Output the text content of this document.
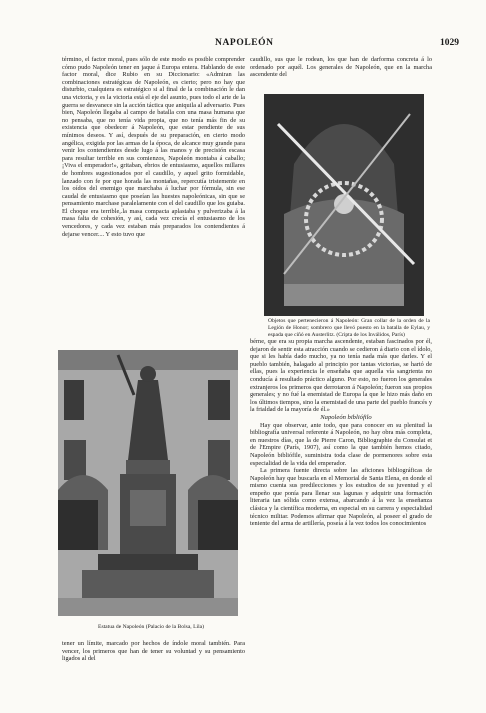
NAPOLEÓN	1029

término, el factor moral, pues sólo de este modo es posible comprender cómo pudo Napoleón tener en jaque á Europa entera. Hablando de este factor moral, dice Rubio en su Diccionario: «Admiran las combinaciones estratégicas de Napoleón, es cierto; pero no hay que disturbio, cualquiera es estratégico si al final de la combinación le dan una victoria, y es la victoria está el eje del asunto, pues todo el arte de la guerra se desvanece sin la acción táctica que aniquila al adversario. Pues bien, Napoleón llegaba al campo de batalla con una masa humana que no pensaba, que no tenía vida propia, que no tenía más fin de su existencia que obedecer á Napoleón, que estar pendiente de sus mínimos deseos. Y así, después de su preparación, en cierto modo angélica, exigida por las armas de la época, de alcance muy grande para venir los contendientes desde lugo á las manos y de precisión escasa para resultar terrible en sus comienzos, Napoleón montaba á caballo; ¡Viva el emperador!», gritaban, ebrios de entusiasmo, aquellos millares de hombres sugestionados por el caudillo, y aquel grito formidable, lanzado con fe por que horada las montañas, repercutía tristemente en los oídos del enemigo que marchaba á luchar por fórmula, sin ese caudal de entusiasmo que poseían las huestes napoleónicas, sin que se pensamiento marchase paralelamente con el del caudillo que los guiaba. El choque era terrible,.la masa compacta aplastaba y pulverizaba á la masa falta de cohesión, y así, cada vez crecía el entusiasmo de los vencedores, y cada vez estaban más preparados los contendientes á dejarse vencer.... Y esto tuvo que

caudillo, sus que le rodean, los que han de darforma concreta á lo ordenado por aquél. Los generales de Napoleón, que en la marcha ascendente del

Objetos que pertenecieron á Napoleón: Gran collar de la orden de la Legión de Honor; sombrero que llevó puesto en la batalla de Eylau, y espada que ciñó en Austerlitz. (Cripta de los Inválidos, París)
Estatua de Napoleón (Palacio de la Bolsa, Lila)

bérne, que era su propia marcha ascendente, estaban fascinados por él, dejaron de sentir esta atracción cuando se cedieron á diario con el ídolo, que si les había dado mucho, ya no tenía nada más que darles. Y el pueblo también, halagado al principio por tantas victorias, se hartó de ellas, pues la experiencia le enseñaba que aquella vía sangrienta no conducía á resultado práctico alguno. Por esto, no fueron los generales extranjeros los primeros que derrotaron á Napoleón; fueron sus propios generales; y no fué la enemistad de Europa la que le hizo más daño en los últimos tiempos, sino la enemistad de una parte del pueblo francés y la frialdad de la mayoría de él.»

Napoleón bibliófilo

Hay que observar, ante todo, que para conocer en su plenitud la bibliografía universal referente á Napoleón, no hay obra más completa, en nuestros días, que la de Pierre Caron, Bibliographie du Consulat et de l'Empire (París, 1907), así como la que también hemos citado, Napoleón bibliófile, suministra toda clase de pormenores sobre esta especialidad de la vida del emperador.

La primera fuente directa sobre las aficiones bibliográficas de Napoleón hay que buscarla en el Memorial de Santa Elena, en donde el mismo cuenta sus predilecciones y los estudios de su juventud y el empeño que ponía para llenar sus lagunas y adquirir una formación literaria tan sólida como extensa, abarcando á la vez la enseñanza clásica y la científica moderna, en especial en su carrera y especialidad técnico militar. Podemos afirmar que Napoleón, al poseer el grado de teniente del arma de artillería, poseía á la vez todos los conocimientos

tener un límite, marcado por hechos de índole moral también. Para vencer, los primeros que han de tener su voluntad y su pensamiento ligados al del
